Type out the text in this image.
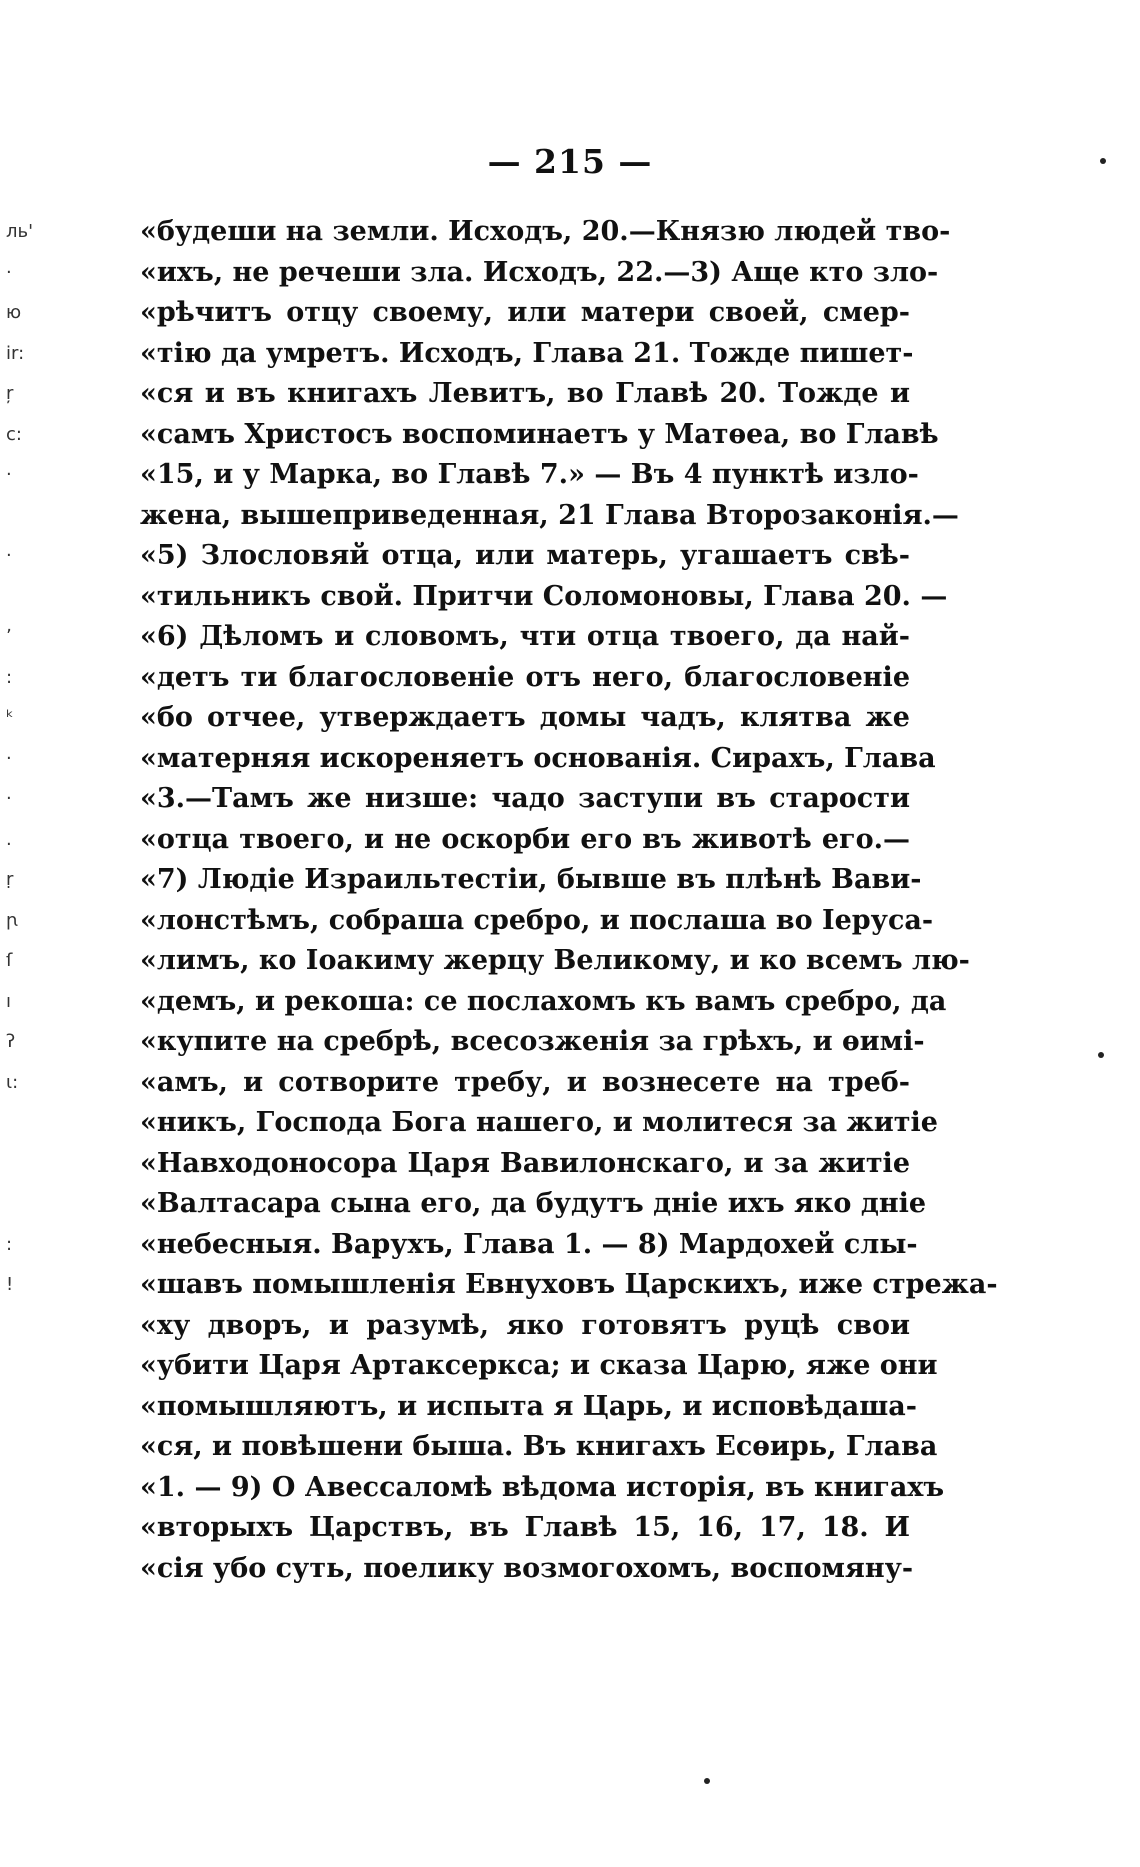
— 215 —
ль'
·
ю
ir:
ŗ
c:
·
·
ʼ
:
ᵏ
·
·
.
ṛ
ꞃ
ſ
ı
ʔ
ɩ:
:
!
«будеши на земли. Исходъ, 20.—Князю людей тво-
«ихъ, не речеши зла. Исходъ, 22.—3) Аще кто зло-
«рѣчитъ отцу своему, или матери своей, смер-
«тію да умретъ. Исходъ, Глава 21. Тожде пишет-
«ся и въ книгахъ Левитъ, во Главѣ 20. Тожде и
«самъ Христосъ воспоминаетъ у Матѳеа, во Главѣ
«15, и у Марка, во Главѣ 7.» — Въ 4 пунктѣ изло-
жена, вышеприведенная, 21 Глава Второзаконія.—
«5) Злословяй отца, или матерь, угашаетъ свѣ-
«тильникъ свой. Притчи Соломоновы, Глава 20. —
«6) Дѣломъ и словомъ, чти отца твоего, да най-
«детъ ти благословеніе отъ него, благословеніе
«бо отчее, утверждаетъ домы чадъ, клятва же
«матерняя искореняетъ основанія. Сирахъ, Глава
«3.—Тамъ же низше: чадо заступи въ старости
«отца твоего, и не оскорби его въ животѣ его.—
«7) Людіе Израильтестіи, бывше въ плѣнѣ Вави-
«лонстѣмъ, собраша сребро, и послаша во Іеруса-
«лимъ, ко Іоакиму жерцу Великому, и ко всемъ лю-
«демъ, и рекоша: се послахомъ къ вамъ сребро, да
«купите на сребрѣ, всесозженія за грѣхъ, и ѳимі-
«амъ, и сотворите требу, и вознесете на треб-
«никъ, Господа Бога нашего, и молитеся за житіе
«Навходоносора Царя Вавилонскаго, и за житіе
«Валтасара сына его, да будутъ дніе ихъ яко дніе
«небесныя. Варухъ, Глава 1. — 8) Мардохей слы-
«шавъ помышленія Евнуховъ Царскихъ, иже стрежа-
«ху дворъ, и разумѣ, яко готовятъ руцѣ свои
«убити Царя Артаксеркса; и сказа Царю, яже они
«помышляютъ, и испыта я Царь, и исповѣдаша-
«ся, и повѣшени быша. Въ книгахъ Есѳирь, Глава
«1. — 9) О Авессаломѣ вѣдома исторія, въ книгахъ
«вторыхъ Царствъ, въ Главѣ 15, 16, 17, 18. И
«сія убо суть, поелику возмогохомъ, воспомяну-
